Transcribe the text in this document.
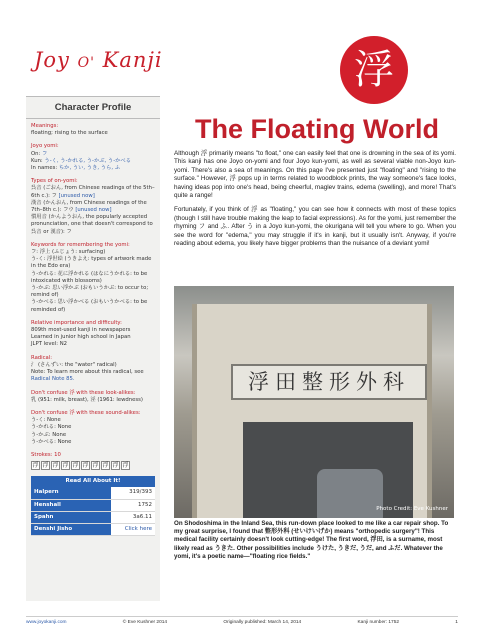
Joy O' Kanji	浮
Character Profile
Meanings:
floating; rising to the surface
Joyo yomi:
On: フ
Kun: う-く, う-かれる, う-かぶ, う-かべる
In names: ちか, うい, うき, うら, ふ
Types of on-yomi:
呉音 (ごおん, from Chinese readings of the 5th–6th c.): フ [unused now]
漢音 (かんおん, from Chinese readings of the 7th–8th c.): フウ [unused now]
慣用音 (かんようおん, the popularly accepted pronunciation, one that doesn't correspond to 呉音 or 漢音): フ
Keywords for remembering the yomi:
フ: 浮上 (ふじょう: surfacing)
う-く: 浮世絵 (うきよえ: types of artwork made in the Edo era)
う-かれる: 花に浮かれる (はなにうかれる: to be intoxicated with blossoms)
う-かぶ: 思い浮かぶ (おもいうかぶ: to occur to; remind of)
う-かべる: 思い浮かべる (おもいうかべる: to be reminded of)
Relative importance and difficulty:
809th most-used kanji in newspapers
Learned in junior high school in Japan
JLPT level: N2
Radical:
氵 (さんずい: the "water" radical)
Note: To learn more about this radical, see
Radical Note 85.
Don't confuse 浮 with these look-alikes:
乳 (951: milk, breast), 淫 (1961: lewdness)
Don't confuse 浮 with these sound-alikes:
う-く: None
う-かれる: None
う-かぶ: None
う-かべる: None
Strokes: 10
浮 浮 浮 浮 浮 浮 浮 浮 浮 浮
Read All About It!
Halpern	319/393
Henshall	1752
Spahn	3a6.11
Denshi Jisho	Click here
The Floating World

Although 浮 primarily means "to float," one can easily feel that one is drowning in the sea of its yomi. This kanji has one Joyo on-yomi and four Joyo kun-yomi, as well as several viable non-Joyo kun-yomi. There's also a sea of meanings. On this page I've presented just "floating" and "rising to the surface." However, 浮 pops up in terms related to woodblock prints, the way someone's face looks, having ideas pop into one's head, being cheerful, maglev trains, edema (swelling), and more! That's quite a range!

Fortunately, if you think of 浮 as "floating," you can see how it connects with most of these topics (though I still have trouble making the leap to facial expressions). As for the yomi, just remember the rhyming フ and ふ. After う in a Joyo kun-yomi, the okurigana will tell you where to go. When you see the word for "edema," you may struggle if it's in kanji, but it usually isn't. Anyway, if you're reading about edema, you likely have bigger problems than the nuisance of a deviant yomi!

浮田整形外科
Photo Credit: Eve Kushner
On Shodoshima in the Inland Sea, this run-down place looked to me like a car repair shop. To my great surprise, I found that 整形外科 (せいけいげか) means "orthopedic surgery"! This medical facility certainly doesn't look cutting-edge! The first word, 浮田, is a surname, most likely read as うきた. Other possibilities include うけた, うきだ, うだ, and ふだ. Whatever the yomi, it's a poetic name—"floating rice fields."
www.joyokanji.com	© Eve Kushner 2014	Originally published: March 14, 2014	Kanji number: 1752	1
